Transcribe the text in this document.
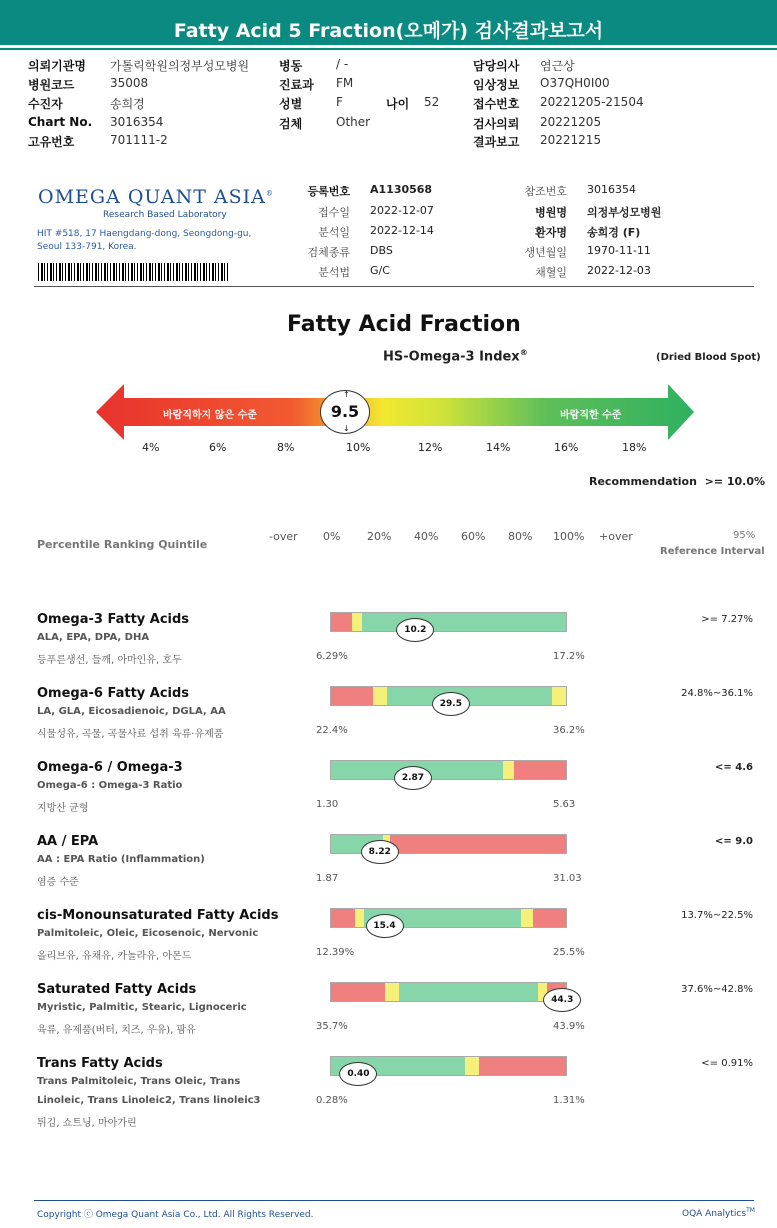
Fatty Acid 5 Fraction(오메가) 검사결과보고서
의뢰기관명 가톨릭학원의정부성모병원
병원코드	35008
수진자	송희경
Chart No. 3016354
고유번호	701111-2
병동	/ -
진료과 FM
성별	F
검체	Other
나이 52
담당의사 염근상
임상정보 O37QH0I00
접수번호 20221205-21504
검사의뢰 20221205
결과보고 20221215
OMEGA QUANT ASIA®
Research Based Laboratory
HIT #518, 17 Haengdang-dong, Seongdong-gu,
Seoul 133-791, Korea.
등록번호 A1130568
접수일 2022-12-07
분석일 2022-12-14
검체종류 DBS
분석법 G/C
참조번호 3016354
병원명 의정부성모병원
환자명 송희경 (F)
생년월일 1970-11-11
채혈일 2022-12-03
Fatty Acid Fraction
HS-Omega-3 Index®	(Dried Blood Spot)
바람직하지 않은 수준	바람직한 수준
9.5
↑
↓
4%	6%	8%	10%	12%	14%	16%	18%
Recommendation >= 10.0%
Percentile Ranking Quintile
-over 0% 20% 40% 60% 80% 100% +over	95%
Reference Interval
Omega-3 Fatty Acids
ALA, EPA, DPA, DHA
등푸른생선, 들깨, 아마인유, 호두
10.2
6.29%	17.2%
>= 7.27%
Omega-6 Fatty Acids
LA, GLA, Eicosadienoic, DGLA, AA
식물성유, 곡물, 곡물사료 섭취 육류·유제품
29.5
22.4%	36.2%
24.8%~36.1%
Omega-6 / Omega-3
Omega-6 : Omega-3 Ratio
지방산 균형
2.87
1.30	5.63
<= 4.6
AA / EPA
AA : EPA Ratio (Inflammation)
염증 수준
8.22
1.87	31.03
<= 9.0
cis-Monounsaturated Fatty Acids
Palmitoleic, Oleic, Eicosenoic, Nervonic
올리브유, 유채유, 카놀라유, 아몬드
15.4
12.39%	25.5%
13.7%~22.5%
Saturated Fatty Acids
Myristic, Palmitic, Stearic, Lignoceric
육류, 유제품(버터, 치즈, 우유), 팜유
44.3
35.7%	43.9%
37.6%~42.8%
Trans Fatty Acids
Trans Palmitoleic, Trans Oleic, Trans
Linoleic, Trans Linoleic2, Trans linoleic3
튀김, 쇼트닝, 마아가린
0.40
0.28%	1.31%
<= 0.91%
Copyright ⓒ Omega Quant Asia Co., Ltd. All Rights Reserved.	OQA Analytics™
